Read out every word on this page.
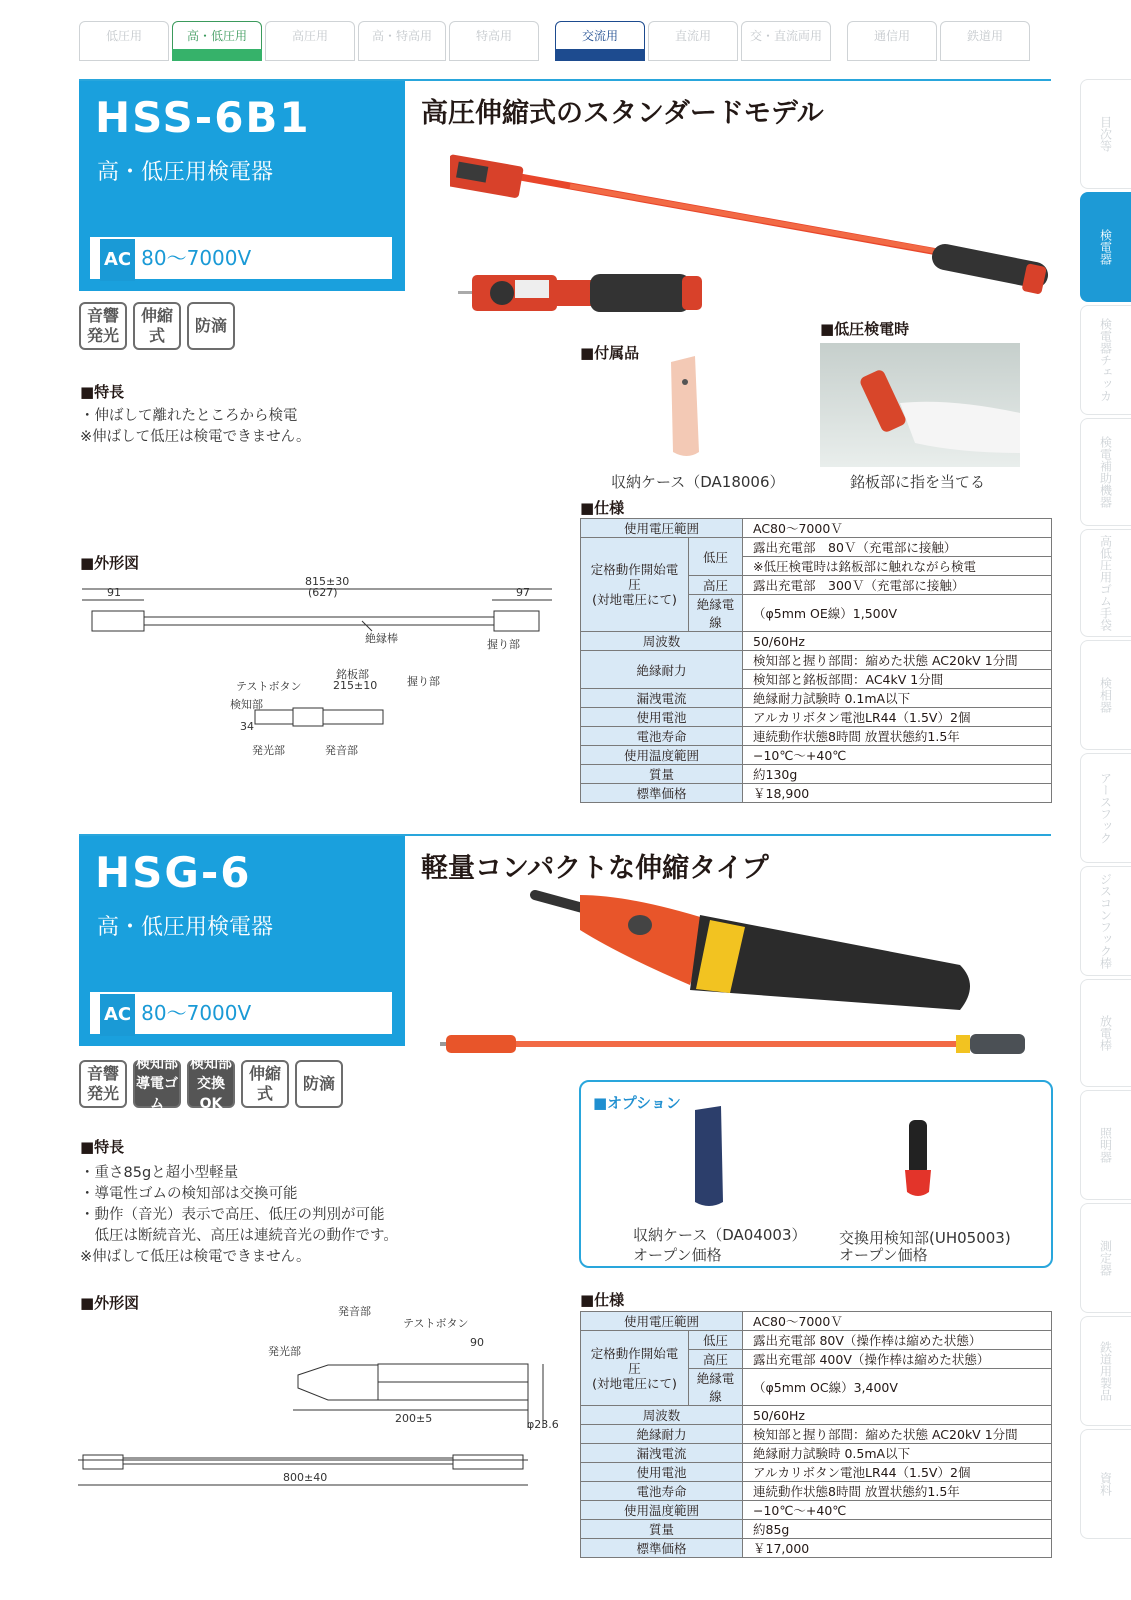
低圧用	高・低圧用	高圧用	高・特高用	特高用	交流用	直流用	交・直流両用	通信用	鉄道用
目次等
検電器
検電器チェッカ
検電補助機器
高低圧用ゴム手袋
検相器
アースフック
ジスコンフック棒
放電棒
照明器
測定器
鉄道用製品
資料
HSS-6B1
高・低圧用検電器
AC 80〜7000V
高圧伸縮式のスタンダードモデル
音響
発光
伸縮式
防滴
■特長
・伸ばして離れたところから検電
※伸ばして低圧は検電できません。
■付属品
収納ケース（DA18006）
■低圧検電時
銘板部に指を当てる
■外形図
815±30
(627)
91	97
絶縁棒	握り部
テストボタン
銘板部
215±10	握り部
検知部
34
発光部	発音部
■仕様
使用電圧範囲		AC80〜7000Ｖ
定格動作開始電圧
(対地電圧にて)	低圧	露出充電部　80Ｖ（充電部に接触）
		※低圧検電時は銘板部に触れながら検電
	高圧	露出充電部　300Ｖ（充電部に接触）
	絶縁電線	（φ5mm OE線）1,500V
周波数		50/60Hz
絶縁耐力		検知部と握り部間：縮めた状態 AC20kV 1分間
		検知部と銘板部間：AC4kV 1分間
漏洩電流		絶縁耐力試験時 0.1mA以下
使用電池		アルカリボタン電池LR44（1.5V）2個
電池寿命		連続動作状態8時間 放置状態約1.5年
使用温度範囲		−10℃〜+40℃
質量		約130g
標準価格		￥18,900
HSG-6
高・低圧用検電器
AC 80〜7000V
軽量コンパクトな伸縮タイプ
音響
発光
検知部
導電ゴム
検知部
交換OK
伸縮式
防滴
■特長
・重さ85gと超小型軽量
・導電性ゴムの検知部は交換可能
・動作（音光）表示で高圧、低圧の判別が可能
　低圧は断続音光、高圧は連続音光の動作です。
※伸ばして低圧は検電できません。
■オプション
収納ケース（DA04003）
オープン価格
交換用検知部(UH05003)
オープン価格
■外形図	発音部
テストボタン
発光部
90
200±5	φ23.6
800±40
■仕様
使用電圧範囲		AC80〜7000Ｖ
定格動作開始電圧
(対地電圧にて)	低圧	露出充電部 80V（操作棒は縮めた状態）
	高圧	露出充電部 400V（操作棒は縮めた状態）
	絶縁電線	（φ5mm OC線）3,400V
周波数		50/60Hz
絶縁耐力		検知部と握り部間：縮めた状態 AC20kV 1分間
漏洩電流		絶縁耐力試験時 0.5mA以下
使用電池		アルカリボタン電池LR44（1.5V）2個
電池寿命		連続動作状態8時間 放置状態約1.5年
使用温度範囲		−10℃〜+40℃
質量		約85g
標準価格		￥17,000
